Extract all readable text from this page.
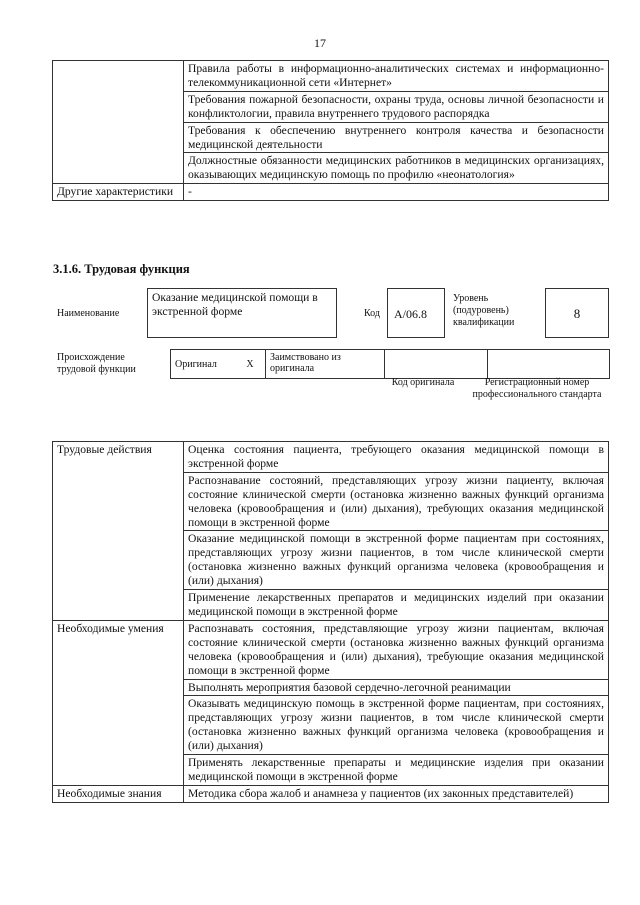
17
	Правила работы в информационно-аналитических системах и информационно-телекоммуникационной сети «Интернет»
	Требования пожарной безопасности, охраны труда, основы личной безопасности и конфликтологии, правила внутреннего трудового распорядка
	Требования к обеспечению внутреннего контроля качества и безопасности медицинской деятельности
	Должностные обязанности медицинских работников в медицинских организациях, оказывающих медицинскую помощь по профилю «неонатология»
Другие характеристики	-
3.1.6. Трудовая функция
Наименование
Оказание медицинской помощи в экстренной форме	Код	А/06.8
Уровень (подуровень) квалификации
8
Происхождение трудовой функции	Оригинал	X	Заимствовано из оригинала		
Код оригинала	Регистрационный номер профессионального стандарта
Трудовые действия	Оценка состояния пациента, требующего оказания медицинской помощи в экстренной форме
	Распознавание состояний, представляющих угрозу жизни пациенту, включая состояние клинической смерти (остановка жизненно важных функций организма человека (кровообращения и (или) дыхания), требующих оказания медицинской помощи в экстренной форме
	Оказание медицинской помощи в экстренной форме пациентам при состояниях, представляющих угрозу жизни пациентов, в том числе клинической смерти (остановка жизненно важных функций организма человека (кровообращения и (или) дыхания)
	Применение лекарственных препаратов и медицинских изделий при оказании медицинской помощи в экстренной форме
Необходимые умения	Распознавать состояния, представляющие угрозу жизни пациентам, включая состояние клинической смерти (остановка жизненно важных функций организма человека (кровообращения и (или) дыхания), требующие оказания медицинской помощи в экстренной форме
	Выполнять мероприятия базовой сердечно-легочной реанимации
	Оказывать медицинскую помощь в экстренной форме пациентам, при состояниях, представляющих угрозу жизни пациентов, в том числе клинической смерти (остановка жизненно важных функций организма человека (кровообращения и (или) дыхания)
	Применять лекарственные препараты и медицинские изделия при оказании медицинской помощи в экстренной форме
Необходимые знания	Методика сбора жалоб и анамнеза у пациентов (их законных представителей)
